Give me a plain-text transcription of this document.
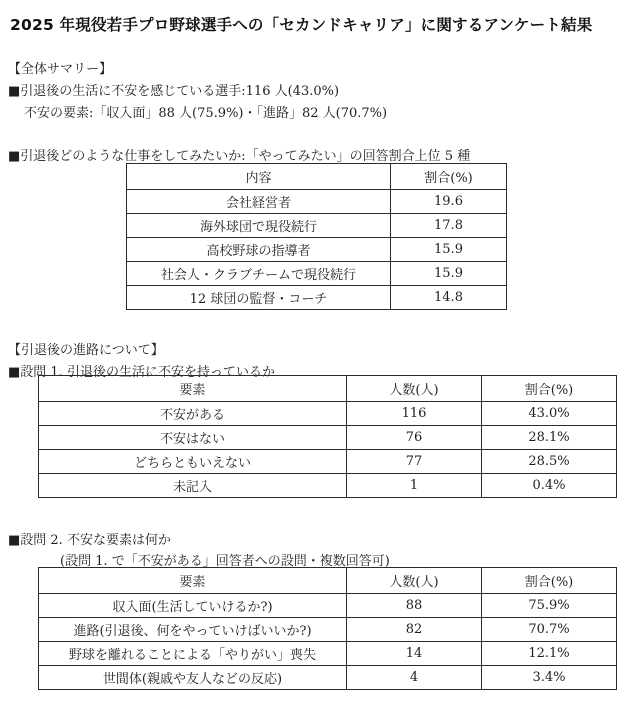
2025 年現役若手プロ野球選手への「セカンドキャリア」に関するアンケート結果
【全体サマリー】
■引退後の生活に不安を感じている選手:116 人(43.0%)
不安の要素:「収入面」88 人(75.9%)・「進路」82 人(70.7%)
■引退後どのような仕事をしてみたいか:「やってみたい」の回答割合上位 5 種
内容	割合(%)
会社経営者	19.6
海外球団で現役続行	17.8
高校野球の指導者	15.9
社会人・クラブチームで現役続行	15.9
12 球団の監督・コーチ	14.8
【引退後の進路について】
■設問 1. 引退後の生活に不安を持っているか
要素	人数(人)	割合(%)
不安がある	116	43.0%
不安はない	76	28.1%
どちらともいえない	77	28.5%
未記入	1	0.4%
■設問 2. 不安な要素は何か
(設問 1. で「不安がある」回答者への設問・複数回答可)
要素	人数(人)	割合(%)
収入面(生活していけるか?)	88	75.9%
進路(引退後、何をやっていけばいいか?)	82	70.7%
野球を離れることによる「やりがい」喪失	14	12.1%
世間体(親戚や友人などの反応)	4	3.4%
